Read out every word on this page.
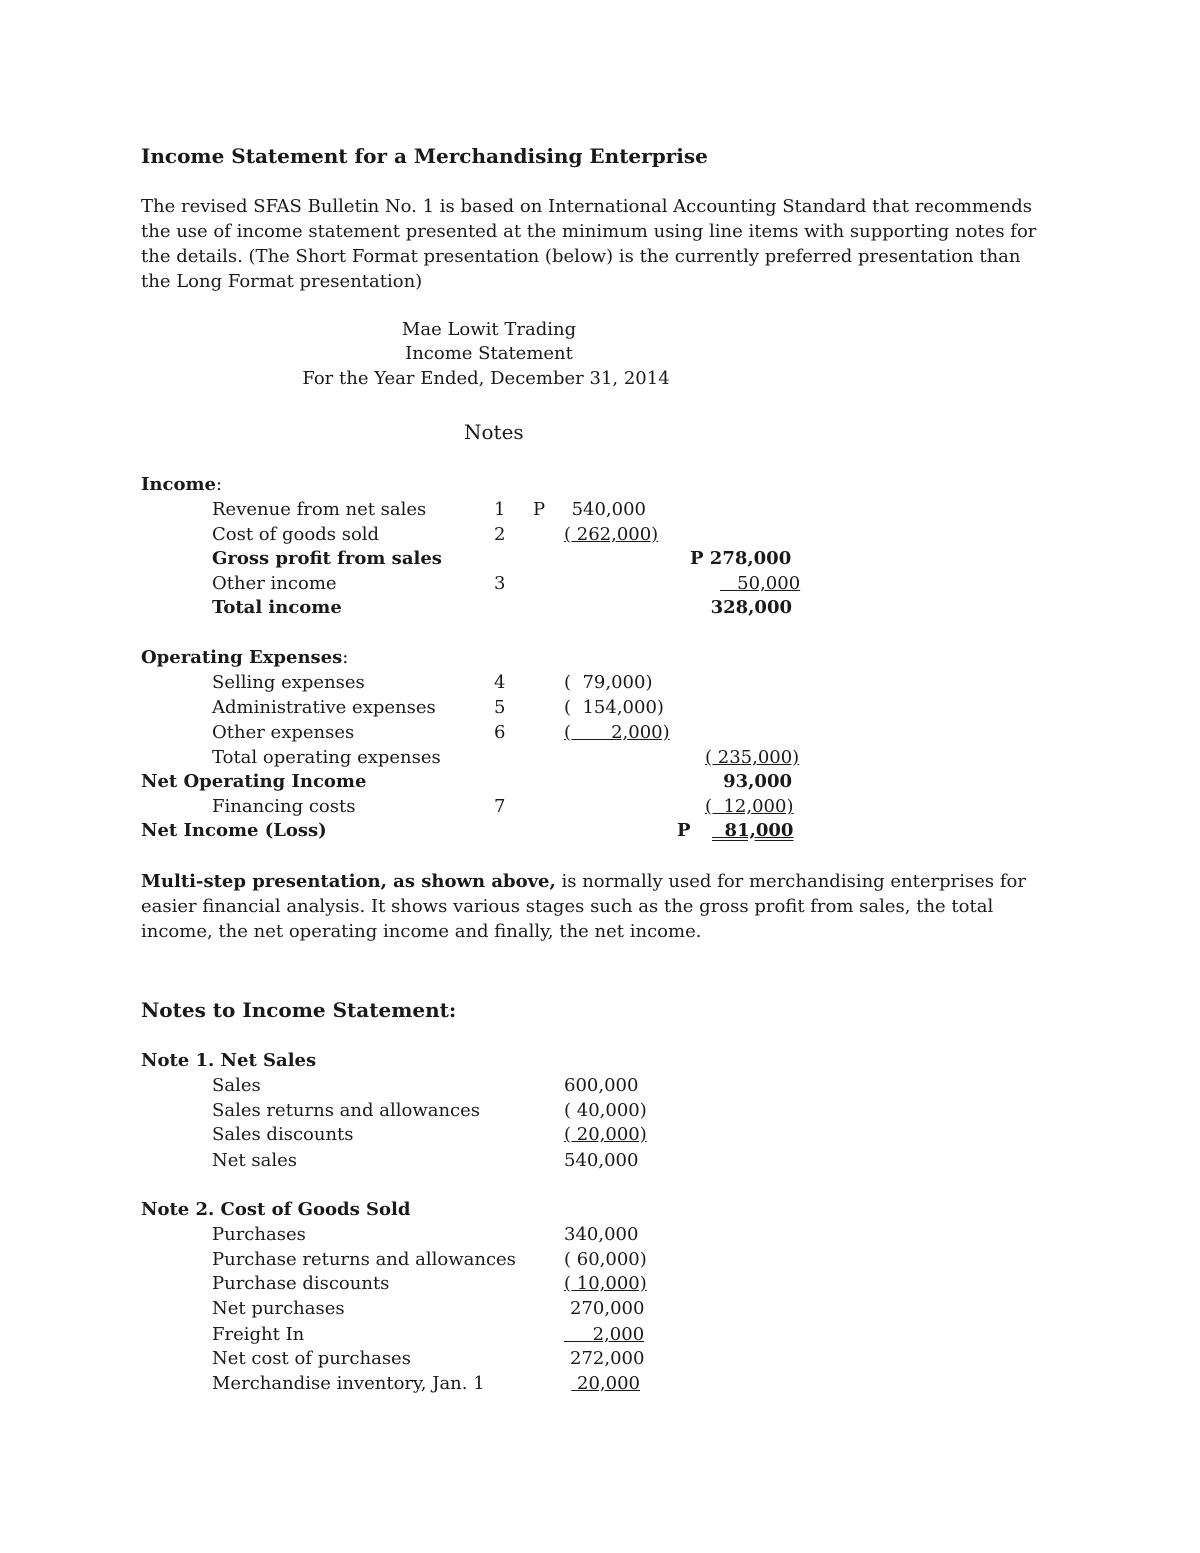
Income Statement for a Merchandising Enterprise
The revised SFAS Bulletin No. 1 is based on International Accounting Standard that recommends the use of income statement presented at the minimum using line items with supporting notes for the details. (The Short Format presentation (below) is the currently preferred presentation than the Long Format presentation)
Mae Lowit Trading
Income Statement
For the Year Ended, December 31, 2014
Notes
Income:
Revenue from net sales	1 P	540,000
Cost of goods sold	2	( 262,000)
Gross profit from sales	P 278,000
Other income	3	50,000
Total income	328,000
Operating Expenses:
Selling expenses	4	(  79,000)
Administrative expenses	5	(  154,000)
Other expenses	6	(       2,000)
Total operating expenses	( 235,000)
Net Operating Income	93,000
Financing costs	7	(  12,000)
Net Income (Loss)	P	81,000
Multi-step presentation, as shown above, is normally used for merchandising enterprises for easier financial analysis. It shows various stages such as the gross profit from sales, the total income, the net operating income and finally, the net income.
Notes to Income Statement:
Note 1. Net Sales
Sales	600,000
Sales returns and allowances	( 40,000)
Sales discounts	( 20,000)
Net sales	540,000
Note 2. Cost of Goods Sold
Purchases	340,000
Purchase returns and allowances	( 60,000)
Purchase discounts	( 10,000)
Net purchases	270,000
Freight In	2,000
Net cost of purchases	272,000
Merchandise inventory, Jan. 1	20,000
